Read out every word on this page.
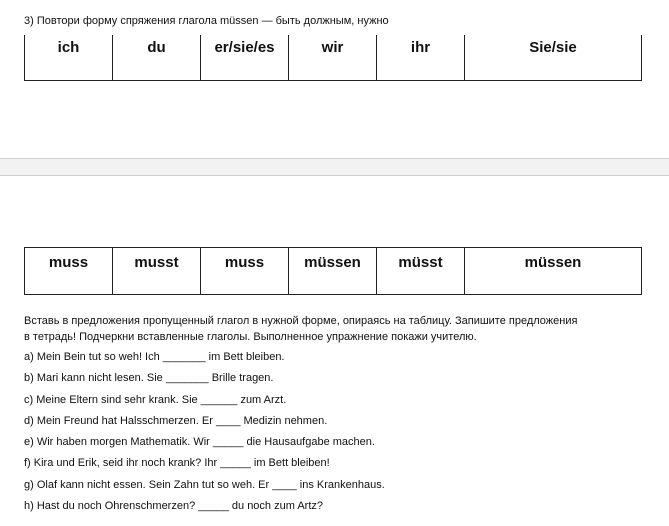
3) Повтори форму спряжения глагола müssen — быть должным, нужно
ich	du	er/sie/es	wir	ihr	Sie/sie
muss	musst	muss	müssen	müsst	müssen
Вставь в предложения пропущенный глагол в нужной форме, опираясь на таблицу. Запишите предложения
в тетрадь! Подчеркни вставленные глаголы. Выполненное упражнение покажи учителю.
a) Mein Bein tut so weh! Ich _______ im Bett bleiben.
b) Mari kann nicht lesen. Sie _______ Brille tragen.
c) Meine Eltern sind sehr krank. Sie ______ zum Arzt.
d) Mein Freund hat Halsschmerzen. Er ____ Medizin nehmen.
e) Wir haben morgen Mathematik. Wir _____ die Hausaufgabe machen.
f) Kira und Erik, seid ihr noch krank? Ihr _____ im Bett bleiben!
g) Olaf kann nicht essen. Sein Zahn tut so weh. Er ____ ins Krankenhaus.
h) Hast du noch Ohrenschmerzen? _____ du noch zum Artz?
